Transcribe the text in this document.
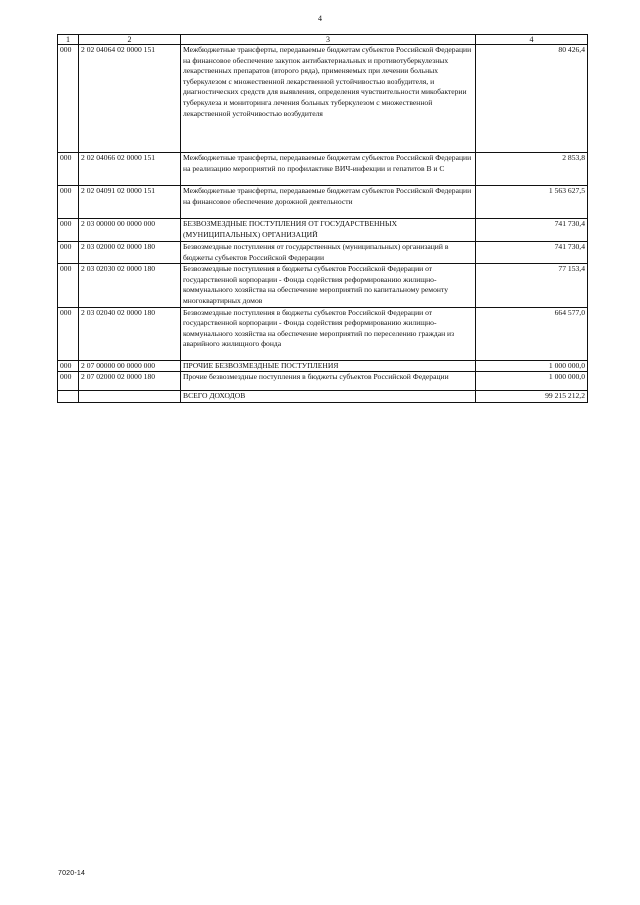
4
1	2	3	4
000	2 02 04064 02 0000 151	Межбюджетные трансферты, передаваемые бюджетам субъектов Российской Федерации на финансовое обеспечение закупок антибактериальных и противотуберкулезных лекарственных препаратов (второго ряда), применяемых при лечении больных туберкулезом с множественной лекарственной устойчивостью возбудителя, и диагностических средств для выявления, определения чувствительности микобактерии туберкулеза и мониторинга лечения больных туберкулезом с множественной лекарственной устойчивостью возбудителя	80 426,4
000	2 02 04066 02 0000 151	Межбюджетные трансферты, передаваемые бюджетам субъектов Российской Федерации на реализацию мероприятий по профилактике ВИЧ-инфекции и гепатитов В и С	2 853,8
000	2 02 04091 02 0000 151	Межбюджетные трансферты, передаваемые бюджетам субъектов Российской Федерации на финансовое обеспечение дорожной деятельности	1 563 627,5
000	2 03 00000 00 0000 000	БЕЗВОЗМЕЗДНЫЕ ПОСТУПЛЕНИЯ ОТ ГОСУДАРСТВЕННЫХ (МУНИЦИПАЛЬНЫХ) ОРГАНИЗАЦИЙ	741 730,4
000	2 03 02000 02 0000 180	Безвозмездные поступления от государственных (муниципальных) организаций в бюджеты субъектов Российской Федерации	741 730,4
000	2 03 02030 02 0000 180	Безвозмездные поступления в бюджеты субъектов Российской Федерации от государственной корпорации - Фонда содействия реформированию жилищно-коммунального хозяйства на обеспечение мероприятий по капитальному ремонту многоквартирных домов	77 153,4
000	2 03 02040 02 0000 180	Безвозмездные поступления в бюджеты субъектов Российской Федерации от государственной корпорации - Фонда содействия реформированию жилищно-коммунального хозяйства на обеспечение мероприятий по переселению граждан из аварийного жилищного фонда	664 577,0
000	2 07 00000 00 0000 000	ПРОЧИЕ БЕЗВОЗМЕЗДНЫЕ ПОСТУПЛЕНИЯ	1 000 000,0
000	2 07 02000 02 0000 180	Прочие безвозмездные поступления в бюджеты субъектов Российской Федерации	1 000 000,0
		ВСЕГО ДОХОДОВ	99 215 212,2
7020-14
